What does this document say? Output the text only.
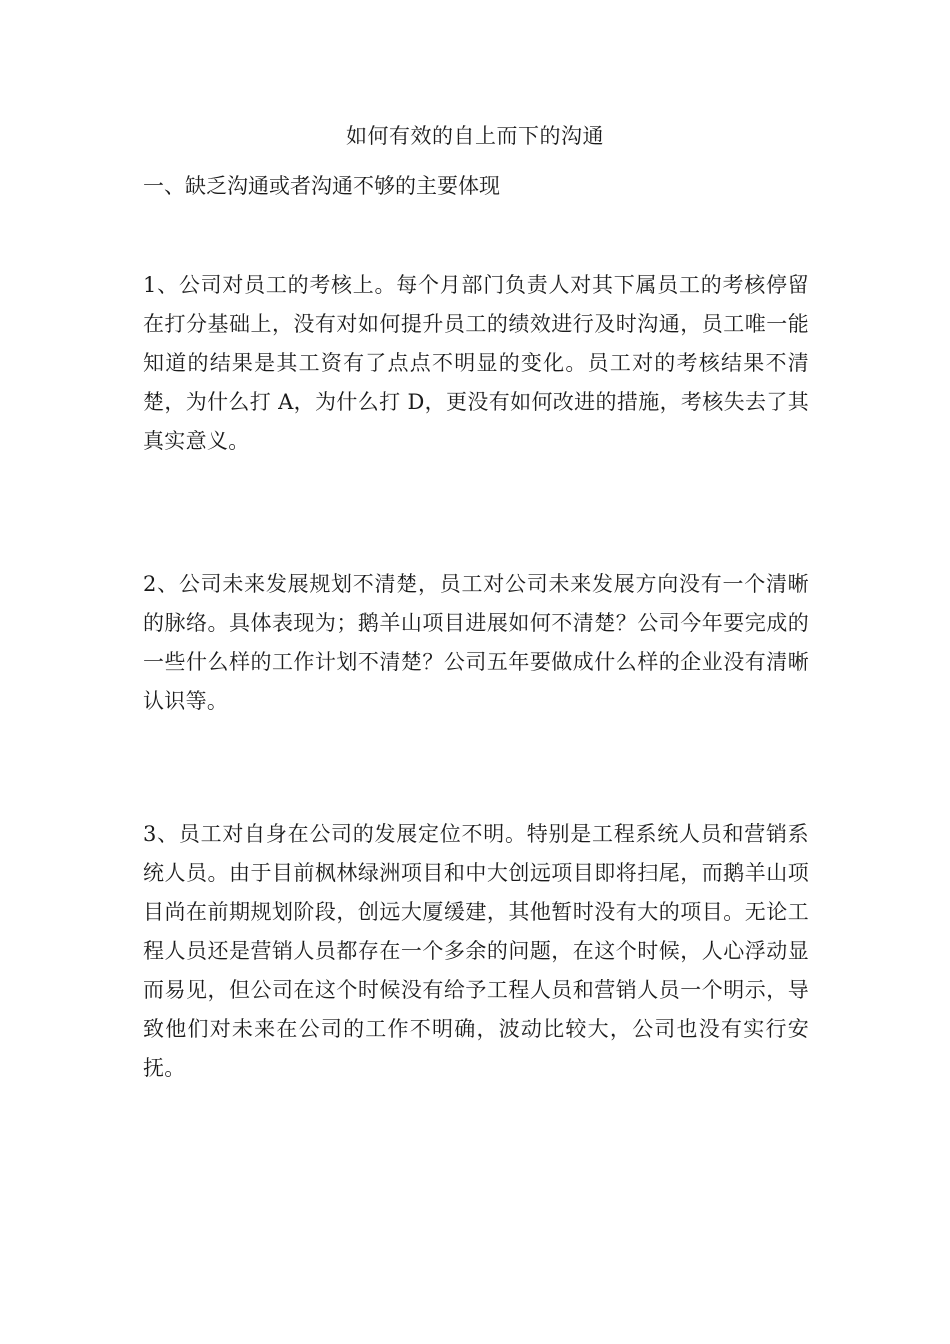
如何有效的自上而下的沟通
一、缺乏沟通或者沟通不够的主要体现

1、公司对员工的考核上。每个月部门负责人对其下属员工的考核停留在打分基础上，没有对如何提升员工的绩效进行及时沟通，员工唯一能知道的结果是其工资有了点点不明显的变化。员工对的考核结果不清楚，为什么打 A，为什么打 D，更没有如何改进的措施，考核失去了其真实意义。

2、公司未来发展规划不清楚，员工对公司未来发展方向没有一个清晰的脉络。具体表现为；鹅羊山项目进展如何不清楚？公司今年要完成的一些什么样的工作计划不清楚？公司五年要做成什么样的企业没有清晰认识等。

3、员工对自身在公司的发展定位不明。特别是工程系统人员和营销系统人员。由于目前枫林绿洲项目和中大创远项目即将扫尾，而鹅羊山项目尚在前期规划阶段，创远大厦缓建，其他暂时没有大的项目。无论工程人员还是营销人员都存在一个多余的问题，在这个时候，人心浮动显而易见，但公司在这个时候没有给予工程人员和营销人员一个明示，导致他们对未来在公司的工作不明确，波动比较大，公司也没有实行安抚。
